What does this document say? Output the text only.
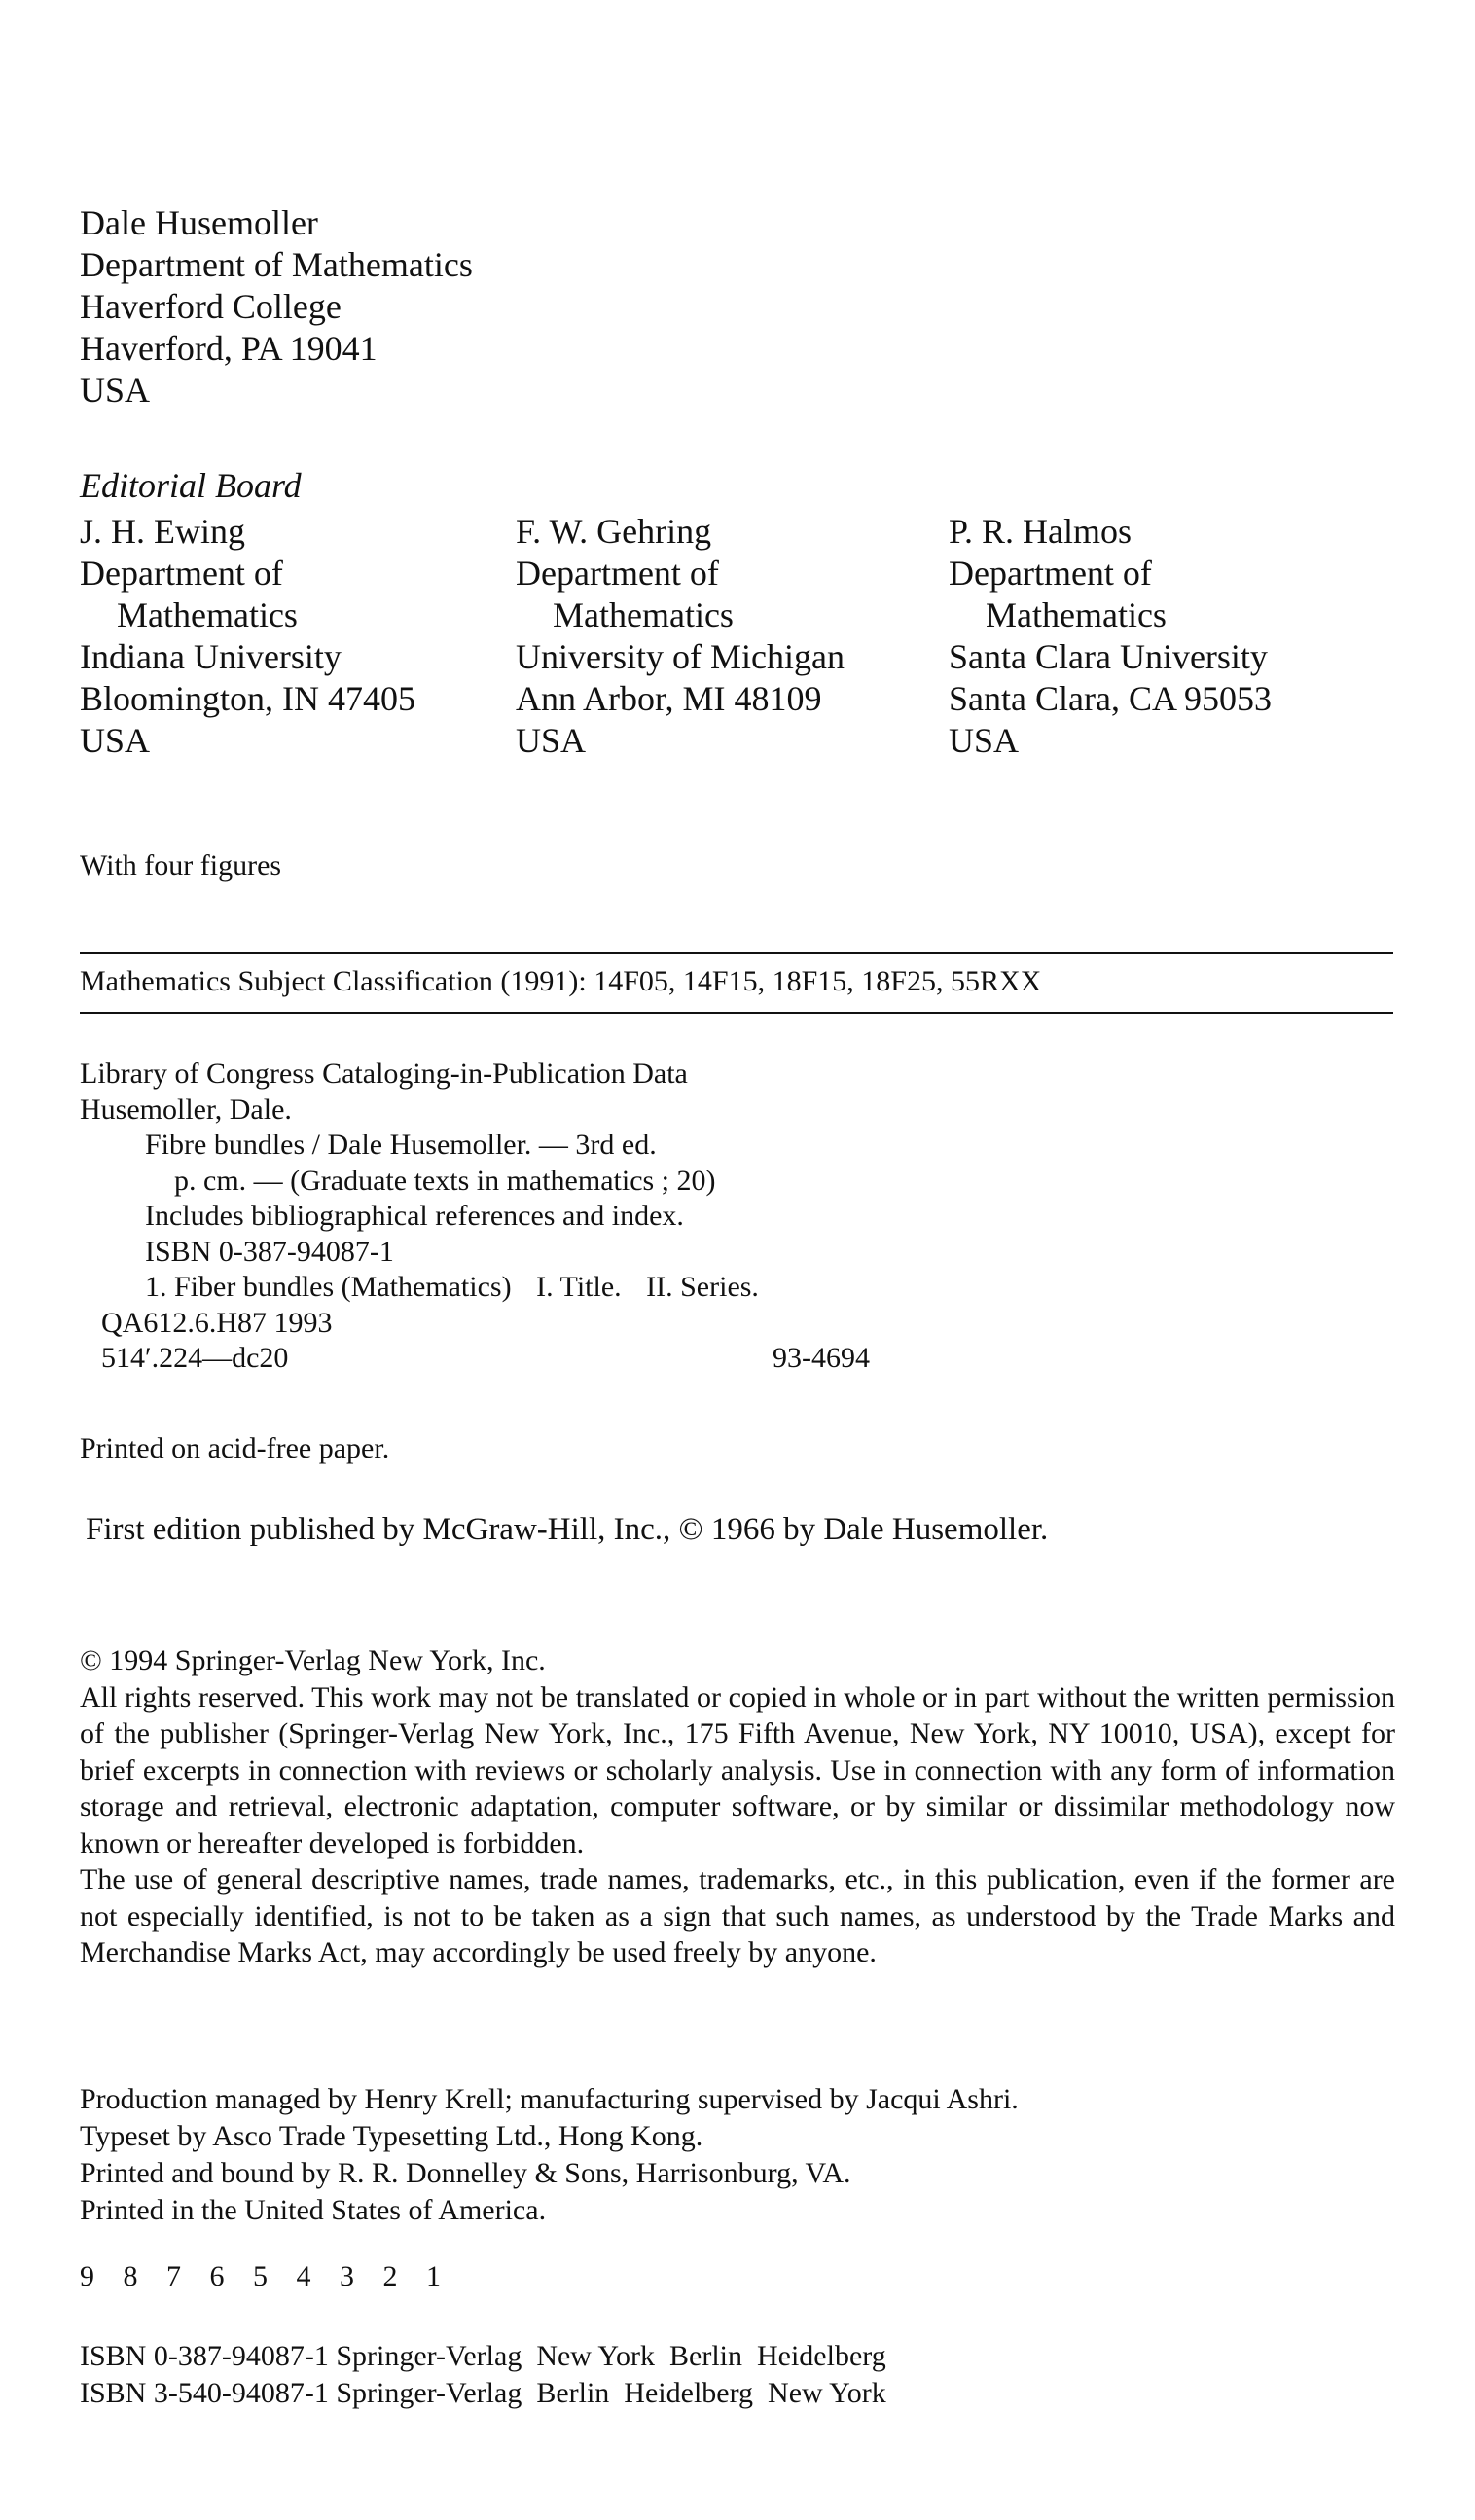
Dale Husemoller
Department of Mathematics
Haverford College
Haverford, PA 19041
USA
Editorial Board
J. H. Ewing
Department of
Mathematics
Indiana University
Bloomington, IN 47405
USA
F. W. Gehring
Department of
Mathematics
University of Michigan
Ann Arbor, MI 48109
USA
P. R. Halmos
Department of
Mathematics
Santa Clara University
Santa Clara, CA 95053
USA
With four figures
Mathematics Subject Classification (1991): 14F05, 14F15, 18F15, 18F25, 55RXX
Library of Congress Cataloging-in-Publication Data
Husemoller, Dale.
Fibre bundles / Dale Husemoller. — 3rd ed.
p. cm. — (Graduate texts in mathematics ; 20)
Includes bibliographical references and index.
ISBN 0-387-94087-1
1. Fiber bundles (Mathematics) I. Title. II. Series.
QA612.6.H87 1993
514′.224—dc20	93-4694
Printed on acid-free paper.
First edition published by McGraw-Hill, Inc., © 1966 by Dale Husemoller.

© 1994 Springer-Verlag New York, Inc.

All rights reserved. This work may not be translated or copied in whole or in part without the written permission of the publisher (Springer-Verlag New York, Inc., 175 Fifth Avenue, New York, NY 10010, USA), except for brief excerpts in connection with reviews or scholarly analysis. Use in connection with any form of information storage and retrieval, electronic adaptation, computer software, or by similar or dissimilar methodology now known or hereafter developed is forbidden.

The use of general descriptive names, trade names, trademarks, etc., in this publication, even if the former are not especially identified, is not to be taken as a sign that such names, as understood by the Trade Marks and Merchandise Marks Act, may accordingly be used freely by anyone.

Production managed by Henry Krell; manufacturing supervised by Jacqui Ashri.
Typeset by Asco Trade Typesetting Ltd., Hong Kong.
Printed and bound by R. R. Donnelley & Sons, Harrisonburg, VA.
Printed in the United States of America.
9 8 7 6 5 4 3 2 1
ISBN 0-387-94087-1 Springer-Verlag  New York  Berlin  Heidelberg
ISBN 3-540-94087-1 Springer-Verlag  Berlin  Heidelberg  New York
